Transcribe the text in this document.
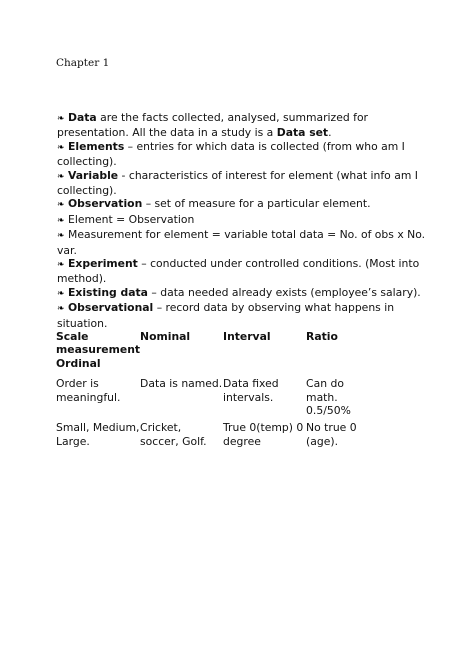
Chapter 1

❧ Data are the facts collected, analysed, summarized for presentation. All the data in a study is a Data set.

❧ Elements – entries for which data is collected (from who am I collecting).

❧ Variable - characteristics of interest for element (what info am I collecting).

❧ Observation – set of measure for a particular element.

❧ Element = Observation

❧ Measurement for element = variable total data = No. of obs x No. var.

❧ Experiment – conducted under controlled conditions. (Most into method).

❧ Existing data – data needed already exists (employee’s salary).

❧ Observational – record data by observing what happens in situation.

Scale measurement Ordinal	Nominal	Interval	Ratio
Order is meaningful.	Data is named.	Data fixed intervals.	Can do math. 0.5/50%
Small, Medium, Large.	Cricket, soccer, Golf.	True 0(temp) 0 degree	No true 0 (age).
